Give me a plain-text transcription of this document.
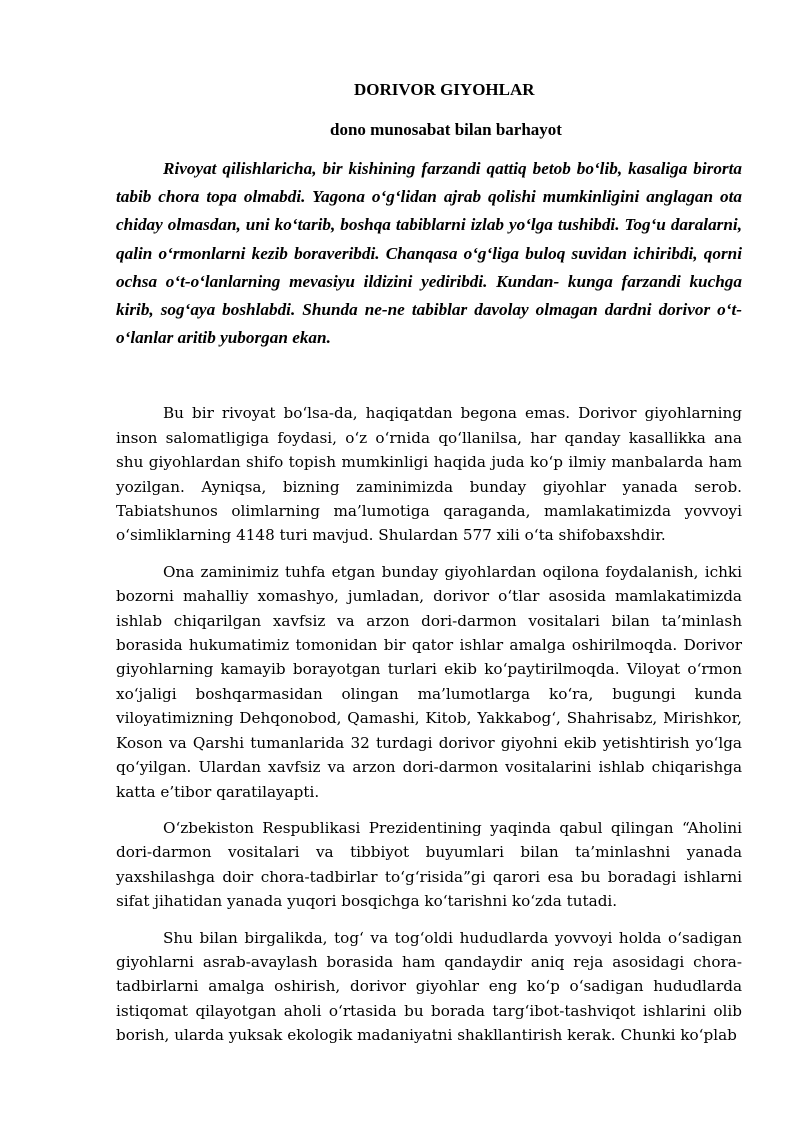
DORIVOR GIYOHLAR
dono munosabat bilan barhayot

Rivoyat qilishlaricha, bir kishining farzandi qattiq betob bo‘lib, kasaliga birorta tabib chora topa olmabdi. Yagona o‘g‘lidan ajrab qolishi mumkinligini anglagan ota chiday olmasdan, uni ko‘tarib, boshqa tabiblarni izlab yo‘lga tushibdi. Tog‘u daralarni, qalin o‘rmonlarni kezib boraveribdi. Chanqasa o‘g‘liga buloq suvidan ichiribdi, qorni ochsa o‘t-o‘lanlarning mevasiyu ildizini yediribdi. Kundan- kunga farzandi kuchga kirib, sog‘aya boshlabdi. Shunda ne-ne tabiblar davolay olmagan dardni dorivor o‘t-o‘lanlar aritib yuborgan ekan.

Bu bir rivoyat bo‘lsa-da, haqiqatdan begona emas. Dorivor giyohlarning inson salomatligiga foydasi, o‘z o‘rnida qo‘llanilsa, har qanday kasallikka ana shu giyohlardan shifo topish mumkinligi haqida juda ko‘p ilmiy manbalarda ham yozilgan. Ayniqsa, bizning zaminimizda bunday giyohlar yanada serob. Tabiatshunos olimlarning ma’lumotiga qaraganda, mamlakatimizda yovvoyi o‘simliklarning 4148 turi mavjud. Shulardan 577 xili o‘ta shifobaxshdir.

Ona zaminimiz tuhfa etgan bunday giyohlardan oqilona foydalanish, ichki bozorni mahalliy xomashyo, jumladan, dorivor o‘tlar asosida mamlakatimizda ishlab chiqarilgan xavfsiz va arzon dori-darmon vositalari bilan ta’minlash borasida hukumatimiz tomonidan bir qator ishlar amalga oshirilmoqda. Dorivor giyohlarning kamayib borayotgan turlari ekib ko‘paytirilmoqda. Viloyat o‘rmon xo‘jaligi boshqarmasidan olingan ma’lumotlarga ko‘ra, bugungi kunda viloyatimizning Dehqonobod, Qamashi, Kitob, Yakkabog‘, Shahrisabz, Mirishkor, Koson va Qarshi tumanlarida 32 turdagi dorivor giyohni ekib yetishtirish yo‘lga qo‘yilgan. Ulardan xavfsiz va arzon dori-darmon vositalarini ishlab chiqarishga katta e’tibor qaratilayapti.

O‘zbekiston Respublikasi Prezidentining yaqinda qabul qilingan “Aholini dori-darmon vositalari va tibbiyot buyumlari bilan ta’minlashni yanada yaxshilashga doir chora-tadbirlar to‘g‘risida”gi qarori esa bu boradagi ishlarni sifat jihatidan yanada yuqori bosqichga ko‘tarishni ko‘zda tutadi.

Shu bilan birgalikda, tog‘ va tog‘oldi hududlarda yovvoyi holda o‘sadigan giyohlarni asrab-avaylash borasida ham qandaydir aniq reja asosidagi chora-tadbirlarni amalga oshirish, dorivor giyohlar eng ko‘p o‘sadigan hududlarda istiqomat qilayotgan aholi o‘rtasida bu borada targ‘ibot-tashviqot ishlarini olib borish, ularda yuksak ekologik madaniyatni shakllantirish kerak. Chunki ko‘plab
